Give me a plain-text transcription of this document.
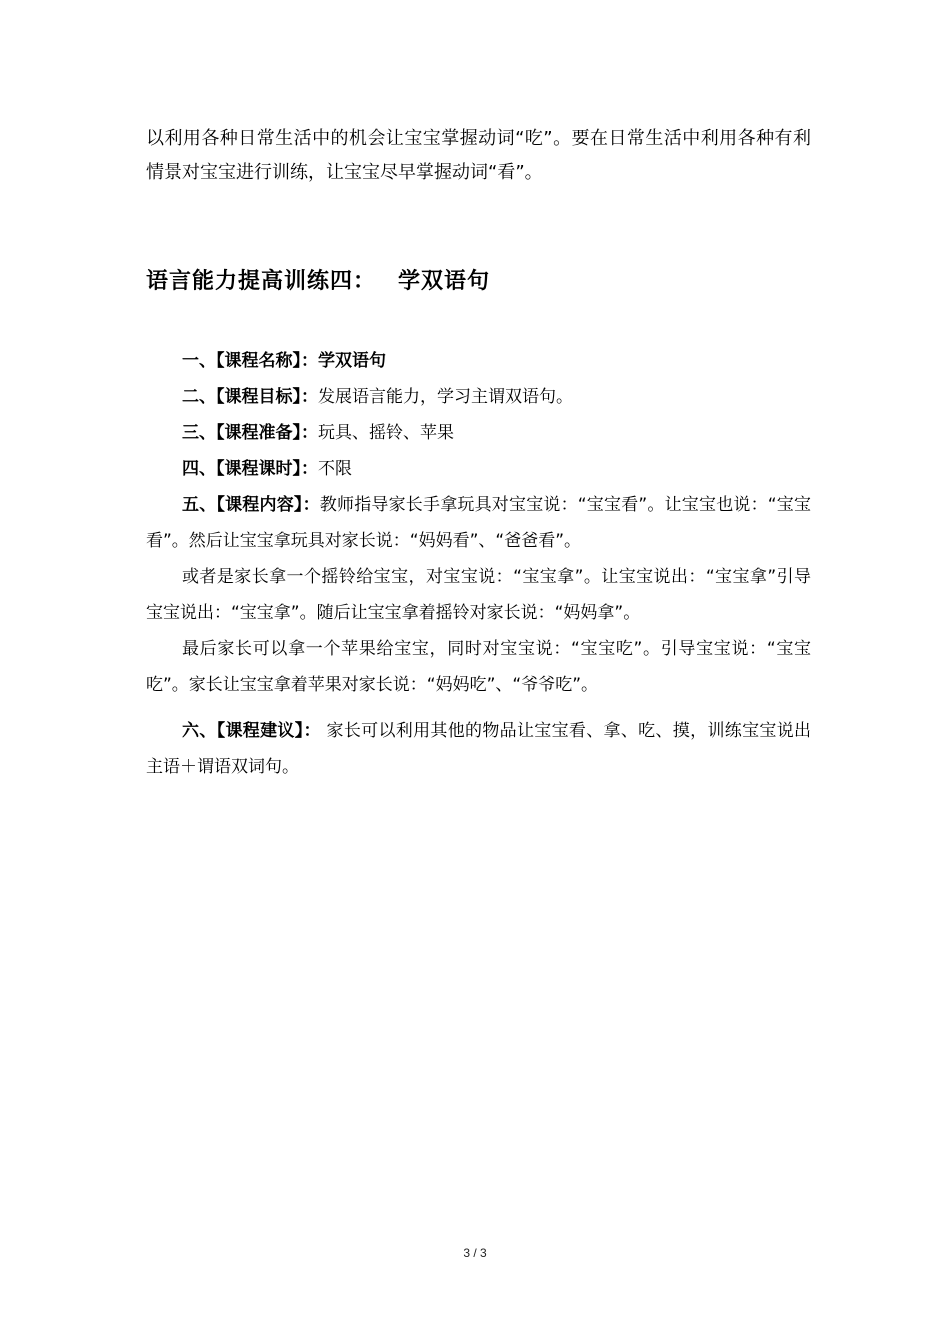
以利用各种日常生活中的机会让宝宝掌握动词“吃”。要在日常生活中利用各种有利情景对宝宝进行训练，让宝宝尽早掌握动词“看”。

语言能力提高训练四： 学双语句

一、【课程名称】：学双语句

二、【课程目标】：发展语言能力，学习主谓双语句。

三、【课程准备】：玩具、摇铃、苹果

四、【课程课时】：不限

五、【课程内容】：教师指导家长手拿玩具对宝宝说：“宝宝看”。让宝宝也说：“宝宝看”。然后让宝宝拿玩具对家长说：“妈妈看”、“爸爸看”。

或者是家长拿一个摇铃给宝宝，对宝宝说：“宝宝拿”。让宝宝说出：“宝宝拿”引导宝宝说出：“宝宝拿”。随后让宝宝拿着摇铃对家长说：“妈妈拿”。

最后家长可以拿一个苹果给宝宝，同时对宝宝说：“宝宝吃”。引导宝宝说：“宝宝吃”。家长让宝宝拿着苹果对家长说：“妈妈吃”、“爷爷吃”。

六、【课程建议】： 家长可以利用其他的物品让宝宝看、拿、吃、摸，训练宝宝说出主语＋谓语双词句。

3 / 3
